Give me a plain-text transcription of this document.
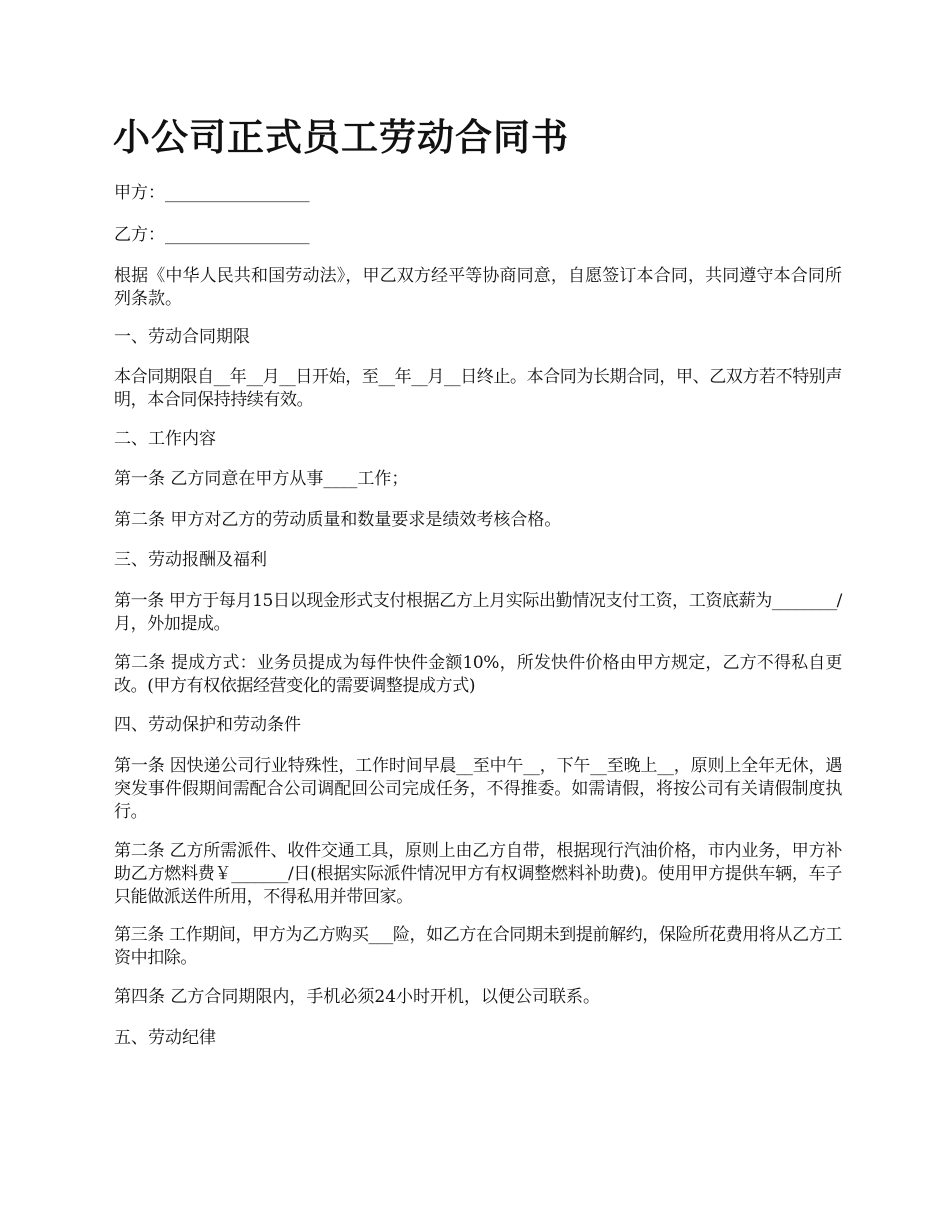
小公司正式员工劳动合同书

甲方：_________________

乙方：_________________

根据《中华人民共和国劳动法》，甲乙双方经平等协商同意，自愿签订本合同，共同遵守本合同所列条款。

一、劳动合同期限

本合同期限自__年__月__日开始，至__年__月__日终止。本合同为长期合同，甲、乙双方若不特别声明，本合同保持持续有效。

二、工作内容

第一条 乙方同意在甲方从事____工作；

第二条 甲方对乙方的劳动质量和数量要求是绩效考核合格。

三、劳动报酬及福利

第一条 甲方于每月15日以现金形式支付根据乙方上月实际出勤情况支付工资，工资底薪为________/月，外加提成。

第二条 提成方式：业务员提成为每件快件金额10%，所发快件价格由甲方规定，乙方不得私自更改。(甲方有权依据经营变化的需要调整提成方式)

四、劳动保护和劳动条件

第一条 因快递公司行业特殊性，工作时间早晨__至中午__，下午__至晚上__，原则上全年无休，遇突发事件假期间需配合公司调配回公司完成任务，不得推委。如需请假，将按公司有关请假制度执行。

第二条 乙方所需派件、收件交通工具，原则上由乙方自带，根据现行汽油价格，市内业务，甲方补助乙方燃料费￥_______/日(根据实际派件情况甲方有权调整燃料补助费)。使用甲方提供车辆，车子只能做派送件所用，不得私用并带回家。

第三条 工作期间，甲方为乙方购买___险，如乙方在合同期未到提前解约，保险所花费用将从乙方工资中扣除。

第四条 乙方合同期限内，手机必须24小时开机，以便公司联系。

五、劳动纪律
